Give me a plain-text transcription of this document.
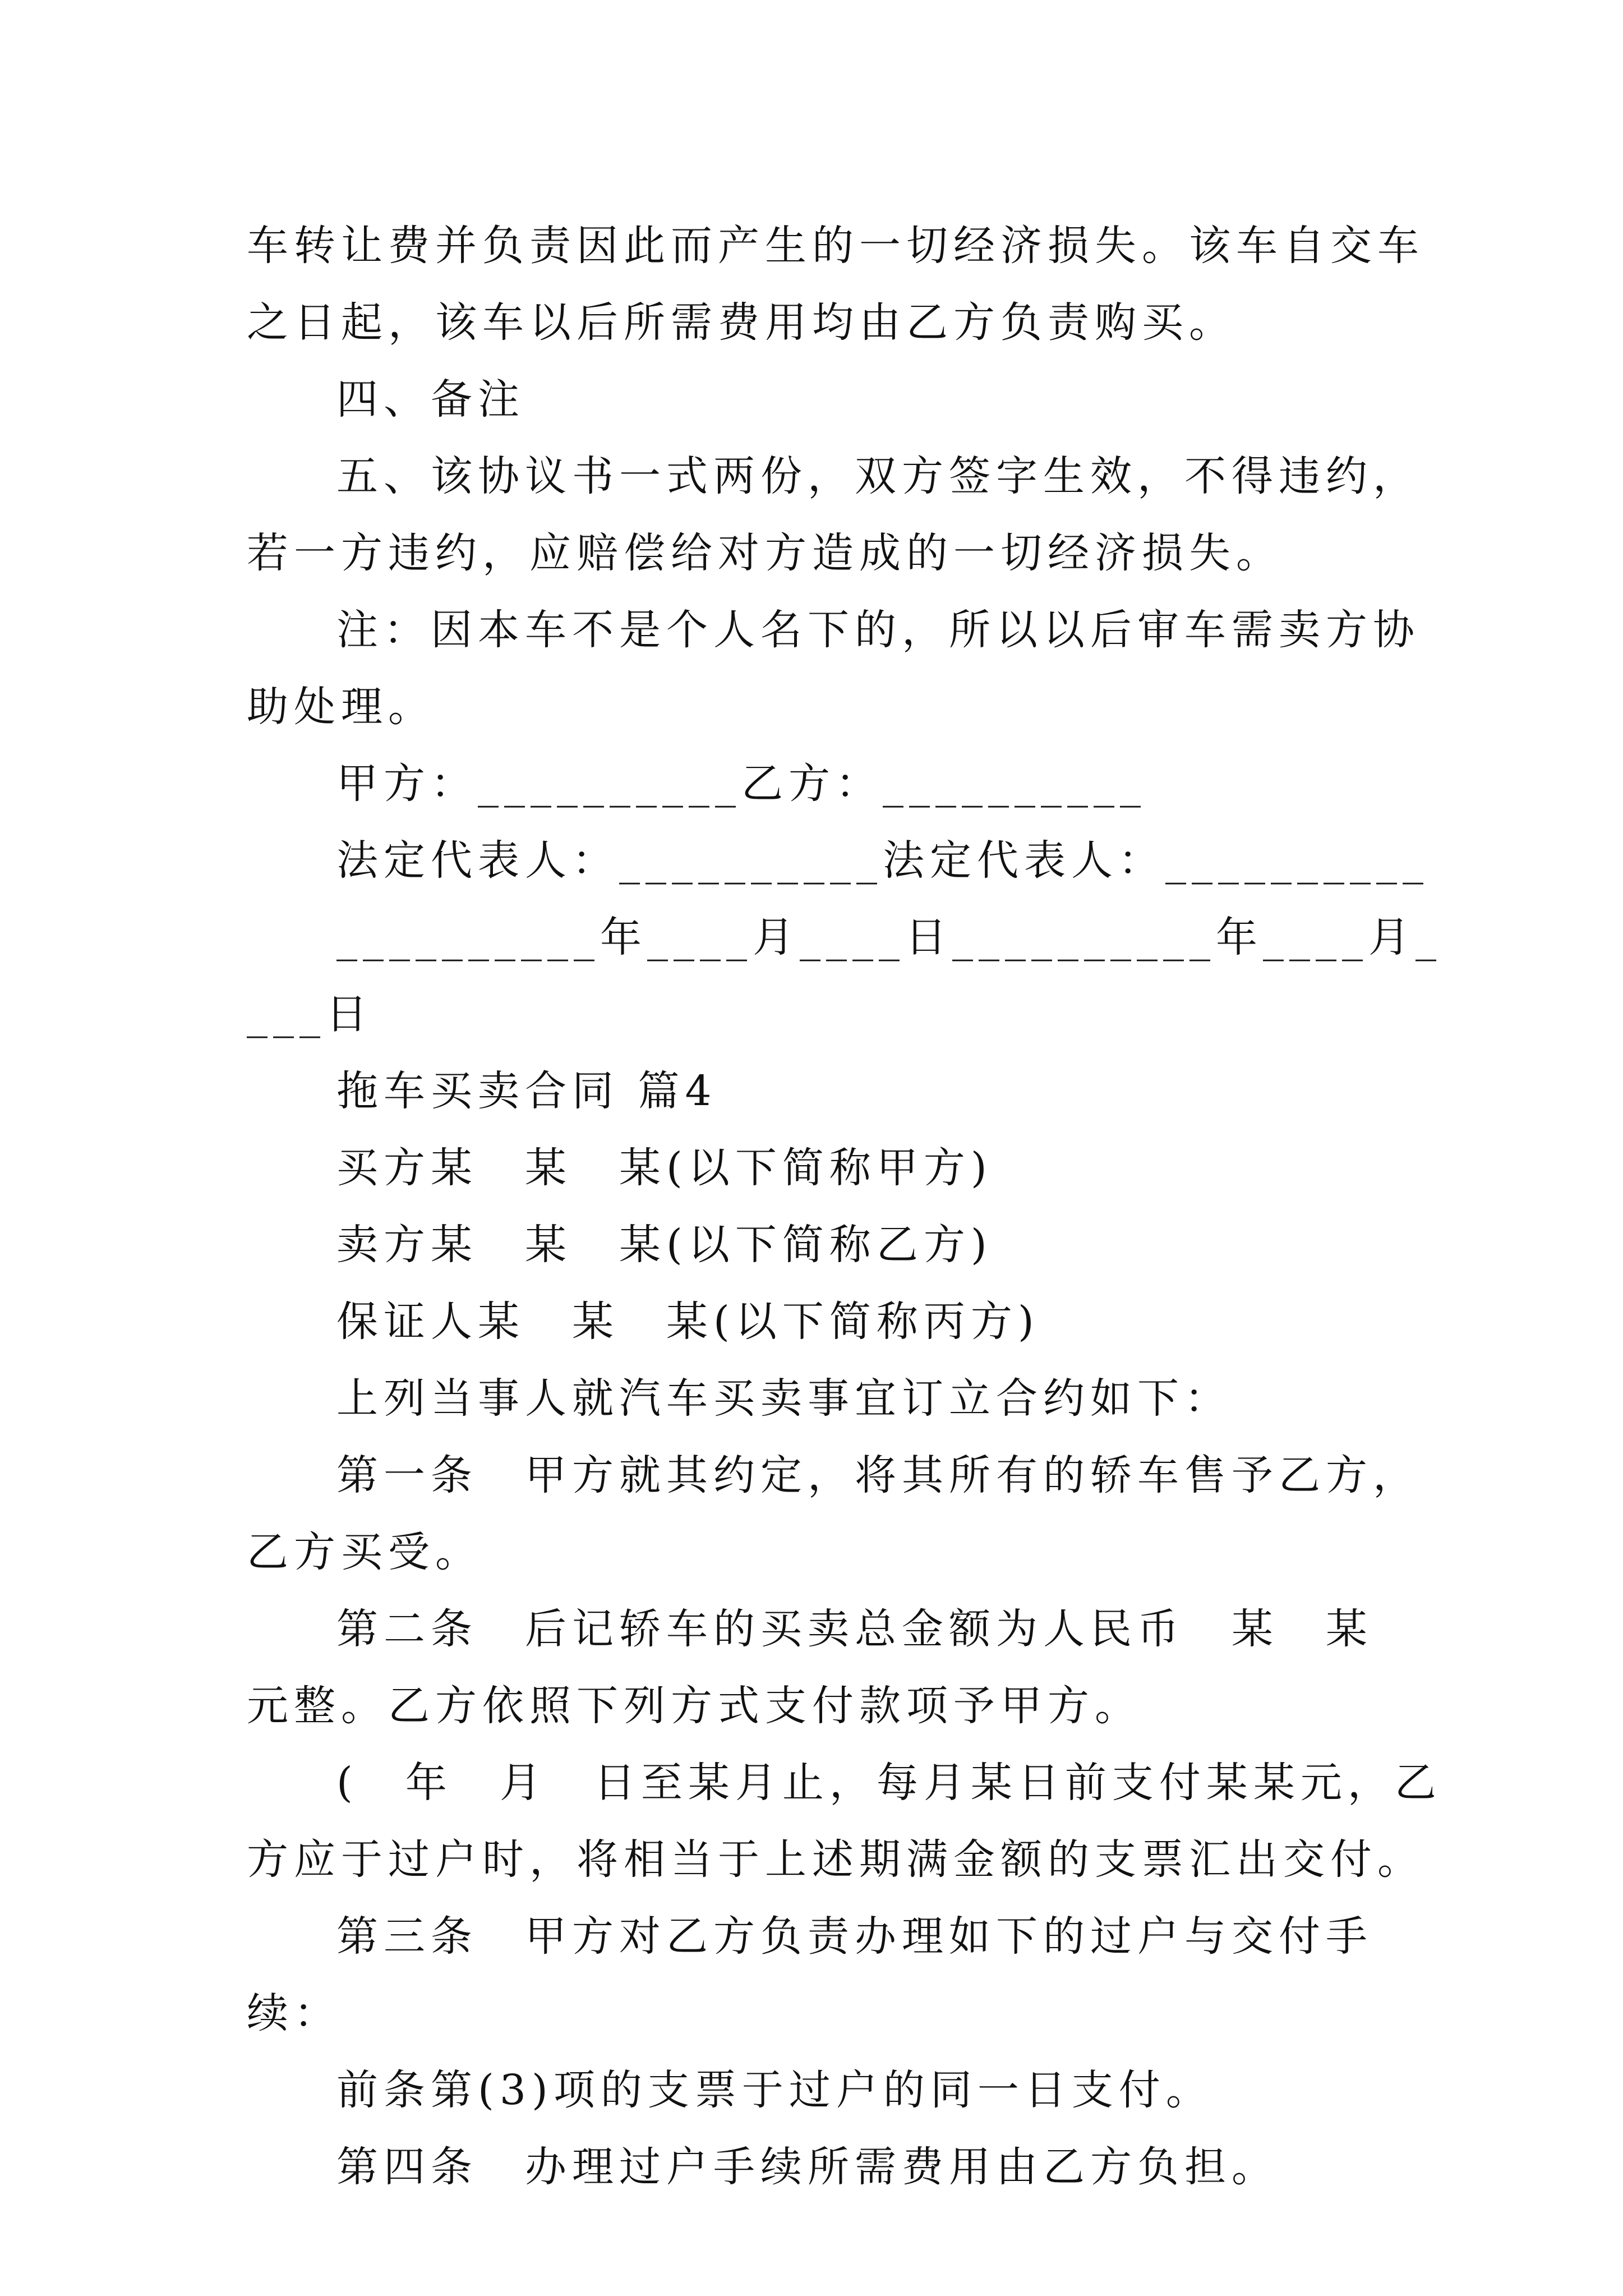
车转让费并负责因此而产生的一切经济损失。该车自交车之日起，该车以后所需费用均由乙方负责购买。

四、备注

五、该协议书一式两份，双方签字生效，不得违约，若一方违约，应赔偿给对方造成的一切经济损失。

注：因本车不是个人名下的，所以以后审车需卖方协助处理。

甲方：__________乙方：__________

法定代表人：__________法定代表人：__________

__________年____月____日__________年____月____日

拖车买卖合同 篇4

买方某　某　某(以下简称甲方)

卖方某　某　某(以下简称乙方)

保证人某　某　某(以下简称丙方)

上列当事人就汽车买卖事宜订立合约如下：

第一条　甲方就其约定，将其所有的轿车售予乙方，乙方买受。

第二条　后记轿车的买卖总金额为人民币　某　某　元整。乙方依照下列方式支付款项予甲方。

(　年　月　日至某月止，每月某日前支付某某元，乙方应于过户时，将相当于上述期满金额的支票汇出交付。

第三条　甲方对乙方负责办理如下的过户与交付手续：

前条第(3)项的支票于过户的同一日支付。

第四条　办理过户手续所需费用由乙方负担。
